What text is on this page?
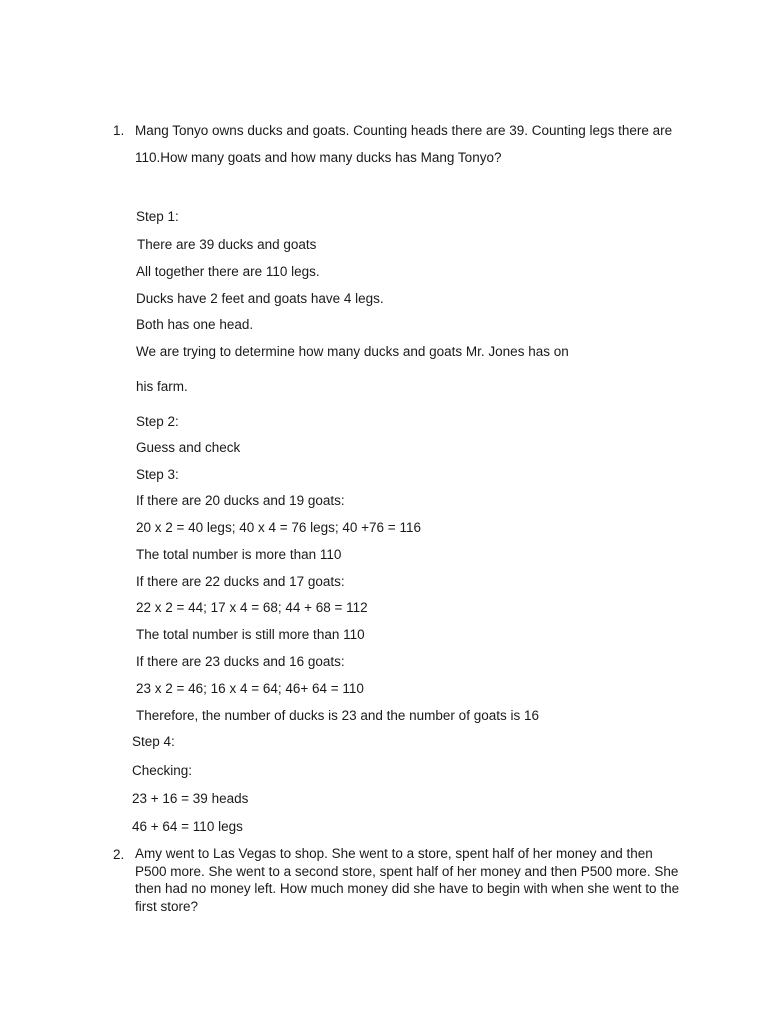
1. Mang Tonyo owns ducks and goats. Counting heads there are 39. Counting legs there are 110.How many goats and how many ducks has Mang Tonyo?
Step 1:
There are 39 ducks and goats
All together there are 110 legs.
Ducks have 2 feet and goats have 4 legs.
Both has one head.
We are trying to determine how many ducks and goats Mr. Jones has on
his farm.
Step 2:
Guess and check
Step 3:
If there are 20 ducks and 19 goats:
20 x 2 = 40 legs; 40 x 4 = 76 legs; 40 +76 = 116
The total number is more than 110
If there are 22 ducks and 17 goats:
22 x 2 = 44; 17 x 4 = 68; 44 + 68 = 112
The total number is still more than 110
If there are 23 ducks and 16 goats:
23 x 2 = 46; 16 x 4 = 64; 46+ 64 = 110
Therefore, the number of ducks is 23 and the number of goats is 16
Step 4:
Checking:
23 + 16 = 39 heads
46 + 64 = 110 legs
2. Amy went to Las Vegas to shop. She went to a store, spent half of her money and then P500 more. She went to a second store, spent half of her money and then P500 more. She then had no money left. How much money did she have to begin with when she went to the first store?
